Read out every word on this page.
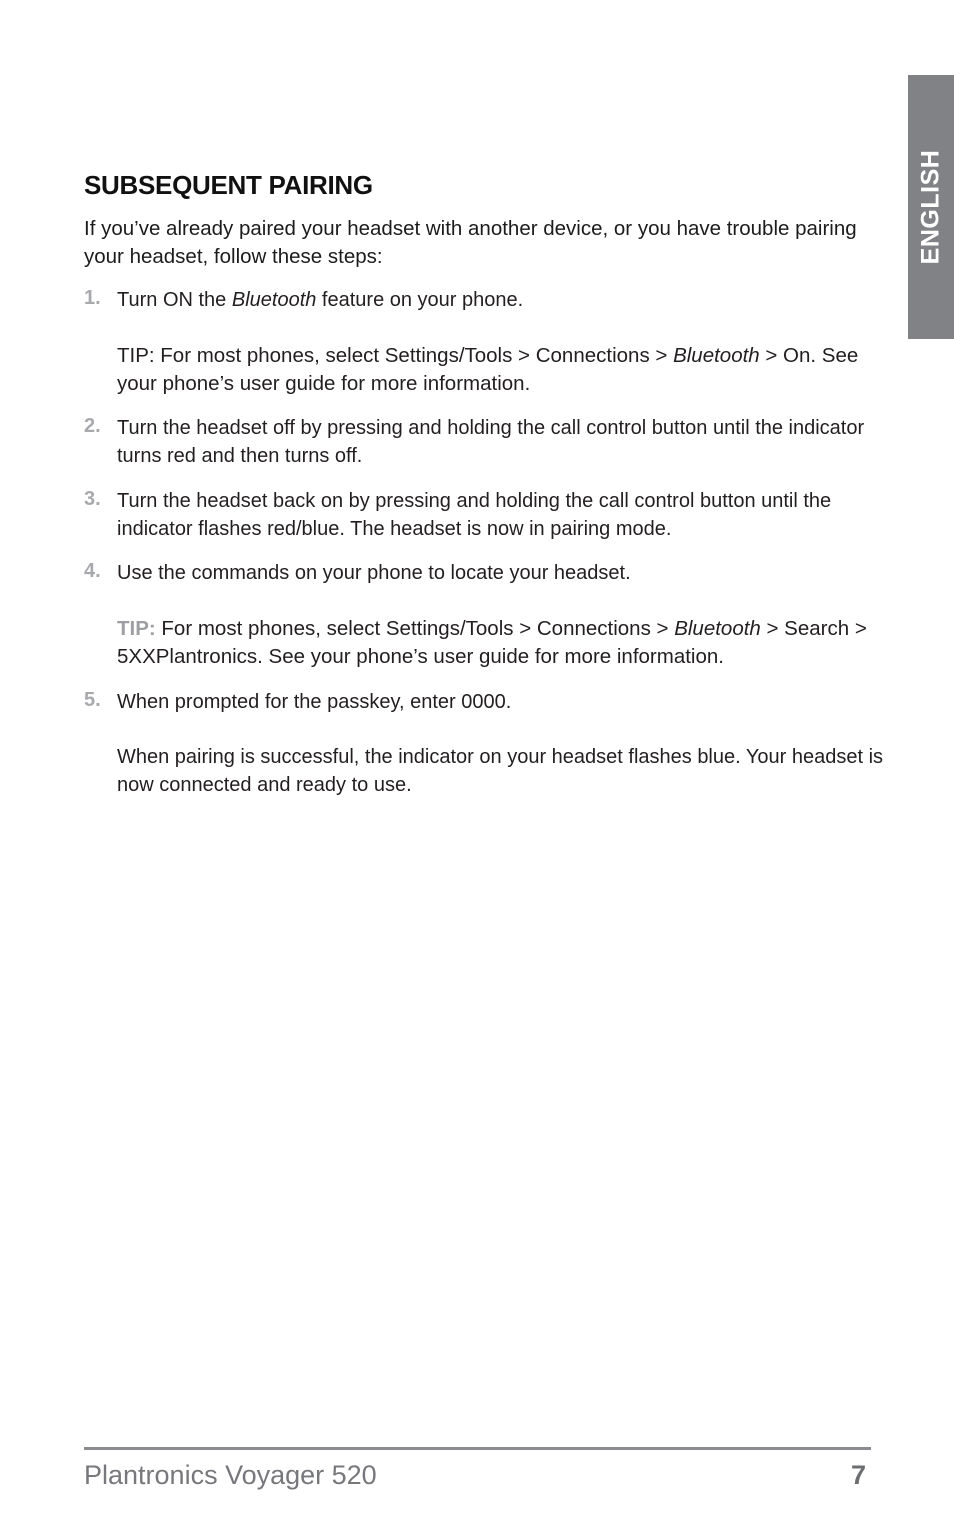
ENGLISH
SUBSEQUENT PAIRING

If you’ve already paired your headset with another device, or you have trouble pairing your headset, follow these steps:

1. Turn ON the Bluetooth feature on your phone.

TIP: For most phones, select Settings/Tools > Connections > Bluetooth > On. See your phone’s user guide for more information.

2. Turn the headset off by pressing and holding the call control button until the indicator turns red and then turns off.

3. Turn the headset back on by pressing and holding the call control button until the indicator flashes red/blue. The headset is now in pairing mode.

4. Use the commands on your phone to locate your headset.

TIP: For most phones, select Settings/Tools > Connections > Bluetooth > Search > 5XXPlantronics. See your phone’s user guide for more information.

5. When prompted for the passkey, enter 0000.

When pairing is successful, the indicator on your headset flashes blue. Your headset is now connected and ready to use.

Plantronics Voyager 520	7
